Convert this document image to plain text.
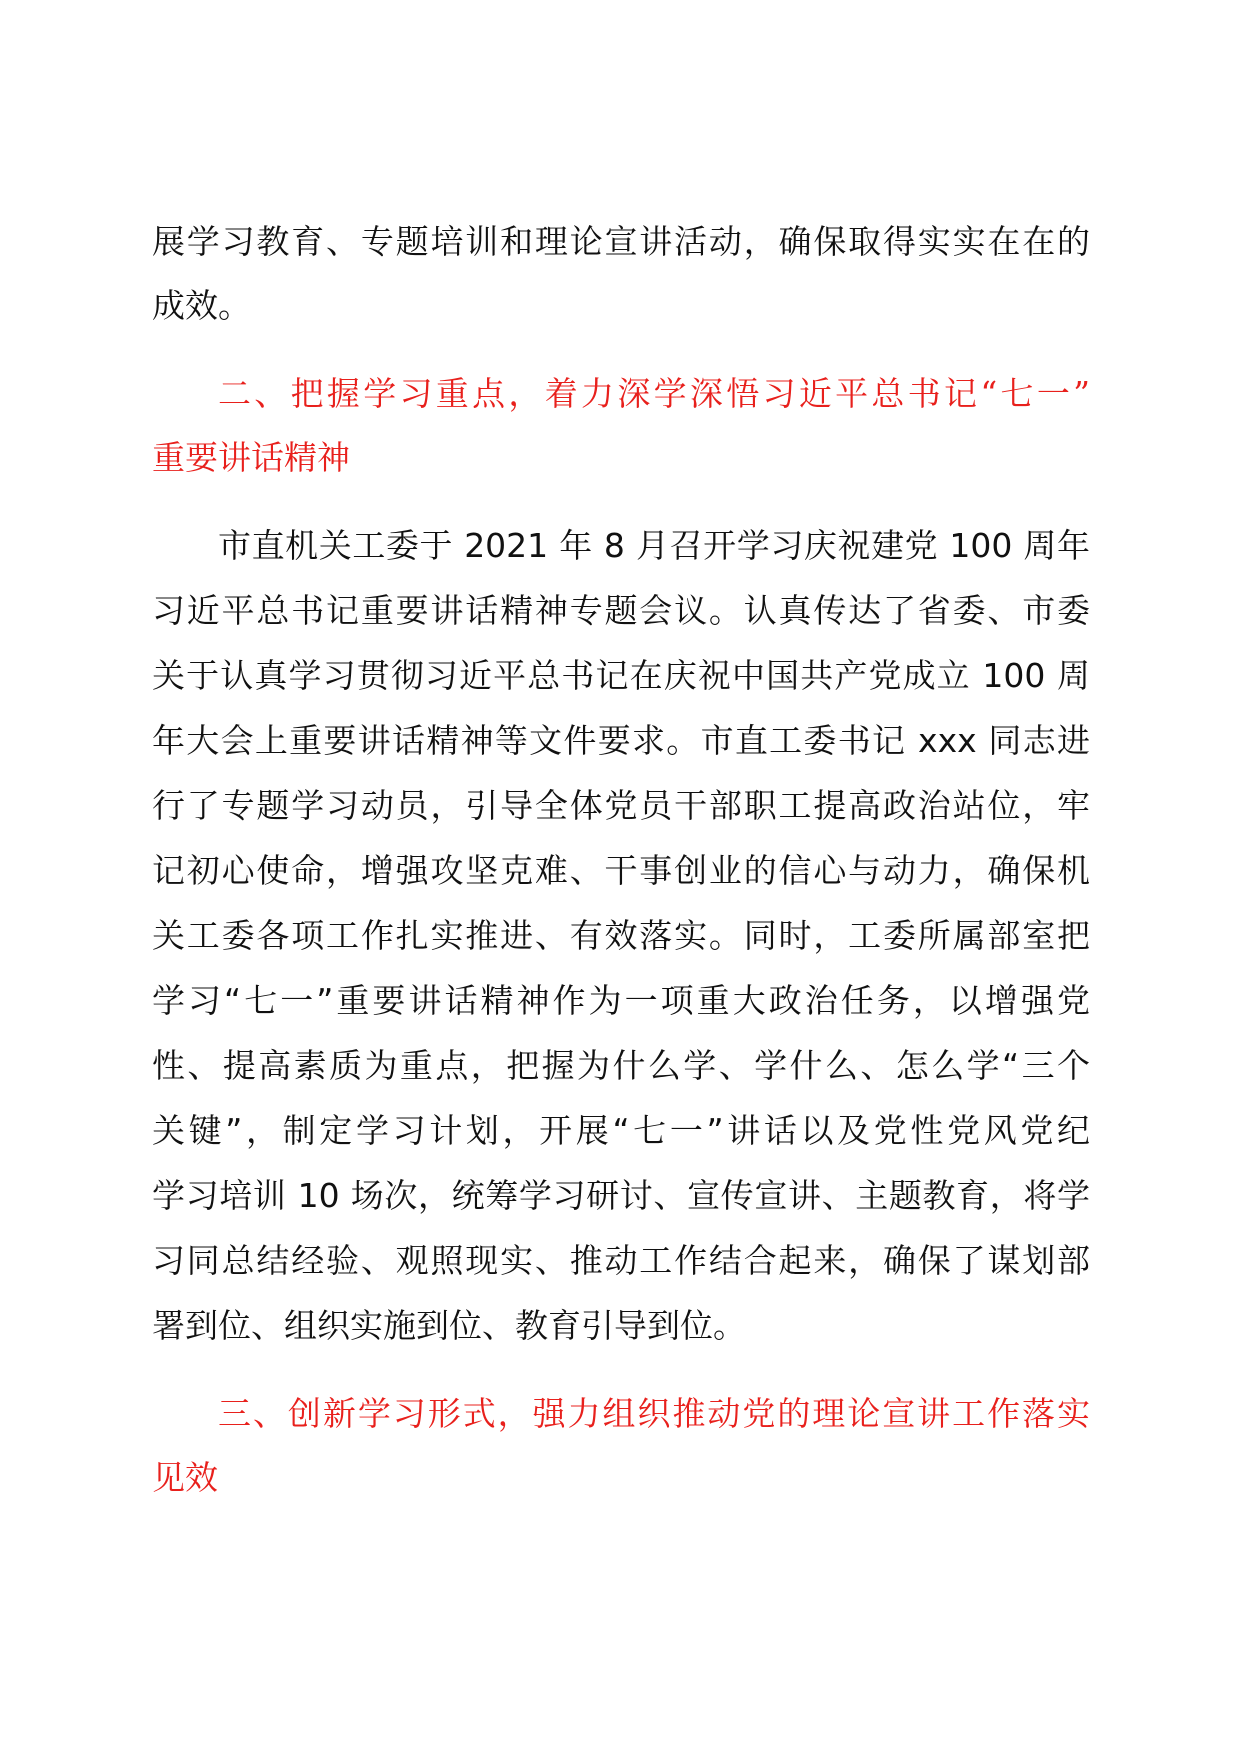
展学习教育、专题培训和理论宣讲活动，确保取得实实在在的
成效。
二、把握学习重点，着力深学深悟习近平总书记“七一”
重要讲话精神
市直机关工委于 2021 年 8 月召开学习庆祝建党 100 周年
习近平总书记重要讲话精神专题会议。认真传达了省委、市委
关于认真学习贯彻习近平总书记在庆祝中国共产党成立 100 周
年大会上重要讲话精神等文件要求。市直工委书记 xxx 同志进
行了专题学习动员，引导全体党员干部职工提高政治站位，牢
记初心使命，增强攻坚克难、干事创业的信心与动力，确保机
关工委各项工作扎实推进、有效落实。同时，工委所属部室把
学习“七一”重要讲话精神作为一项重大政治任务，以增强党
性、提高素质为重点，把握为什么学、学什么、怎么学“三个
关键”，制定学习计划，开展“七一”讲话以及党性党风党纪
学习培训 10 场次，统筹学习研讨、宣传宣讲、主题教育，将学
习同总结经验、观照现实、推动工作结合起来，确保了谋划部
署到位、组织实施到位、教育引导到位。
三、创新学习形式，强力组织推动党的理论宣讲工作落实
见效
